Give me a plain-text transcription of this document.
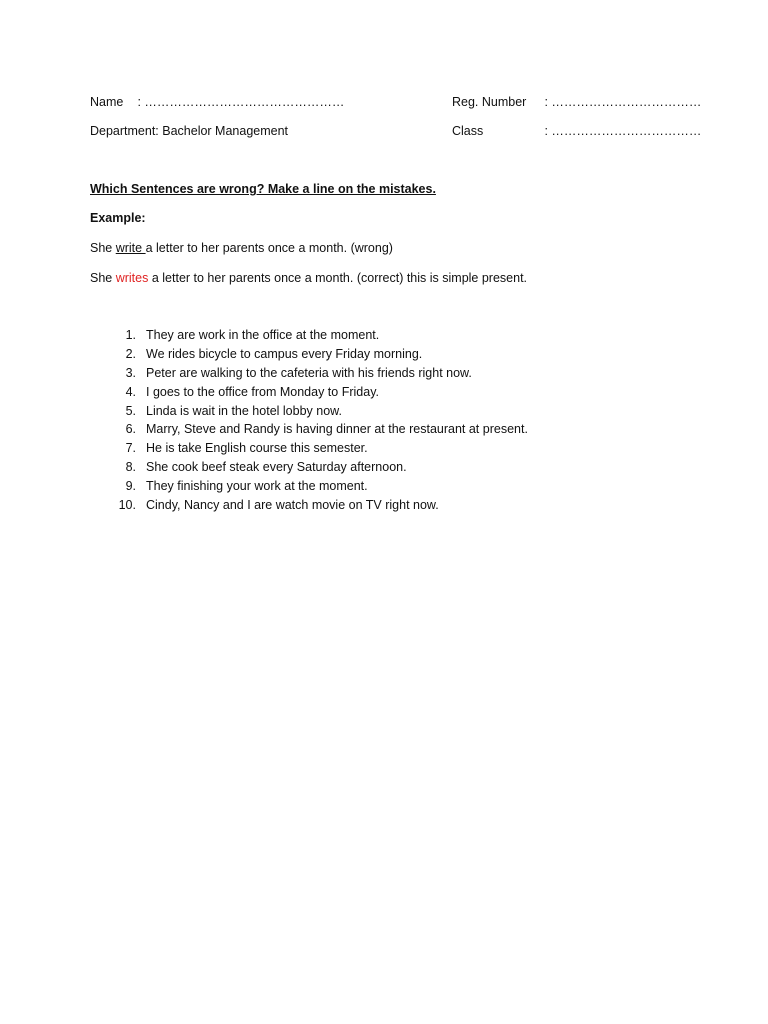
Name : …………………………………………	Reg. Number : ………………………………
Department: Bachelor Management	Class	: ………………………………
Which Sentences are wrong? Make a line on the mistakes.
Example:
She write a letter to her parents once a month. (wrong)
She writes a letter to her parents once a month. (correct) this is simple present.
1. They are work in the office at the moment.
2. We rides bicycle to campus every Friday morning.
3. Peter are walking to the cafeteria with his friends right now.
4. I goes to the office from Monday to Friday.
5. Linda is wait in the hotel lobby now.
6. Marry, Steve and Randy is having dinner at the restaurant at present.
7. He is take English course this semester.
8. She cook beef steak every Saturday afternoon.
9. They finishing your work at the moment.
10. Cindy, Nancy and I are watch movie on TV right now.
